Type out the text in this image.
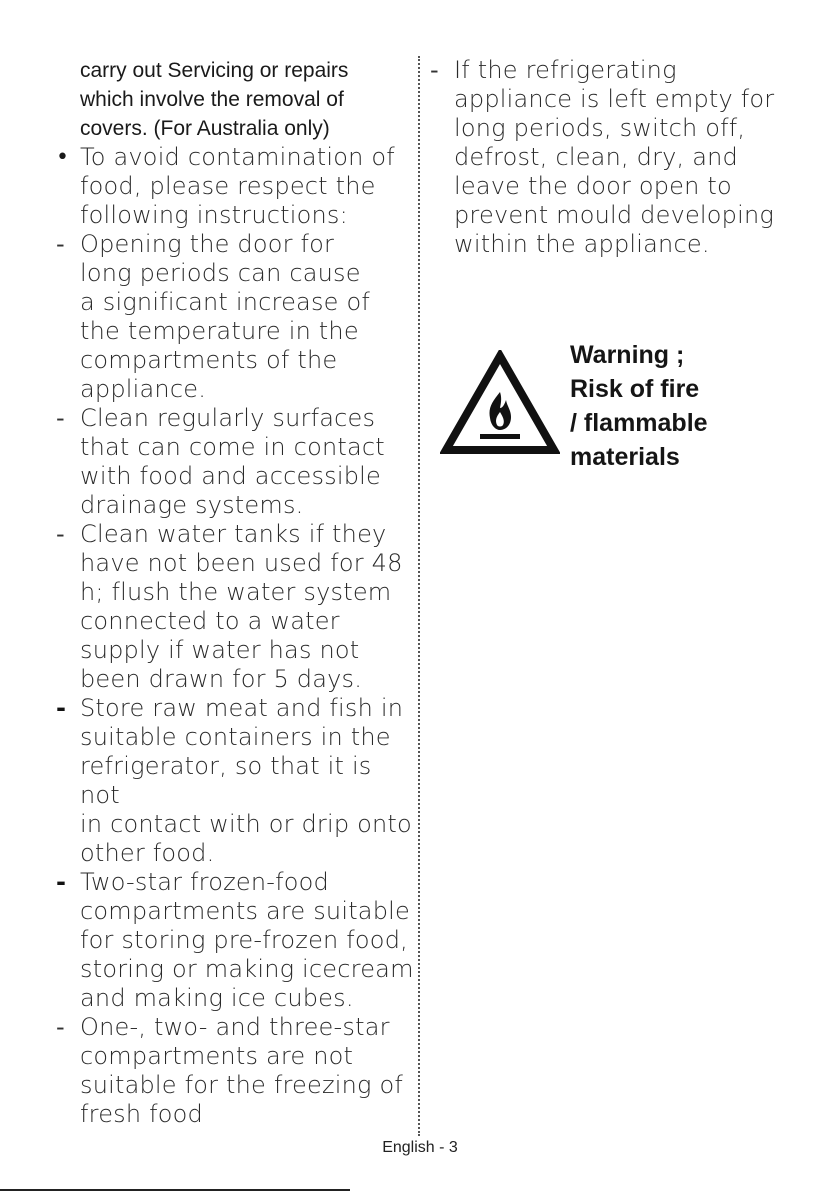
carry out Servicing or repairs
which involve the removal of
covers. (For Australia only)
• To avoid contamination of
food, please respect the
following instructions:
- Opening the door for
long periods can cause
a significant increase of
the temperature in the
compartments of the
appliance.
- Clean regularly surfaces
that can come in contact
with food and accessible
drainage systems.
- Clean water tanks if they
have not been used for 48
h; flush the water system
connected to a water
supply if water has not
been drawn for 5 days.
- Store raw meat and fish in
suitable containers in the
refrigerator, so that it is not
in contact with or drip onto
other food.
- Two-star frozen-food
compartments are suitable
for storing pre-frozen food,
storing or making icecream
and making ice cubes.
- One-, two- and three-star
compartments are not
suitable for the freezing of
fresh food
- If the refrigerating
appliance is left empty for
long periods, switch off,
defrost, clean, dry, and
leave the door open to
prevent mould developing
within the appliance.
Warning ;
Risk of fire
/ flammable
materials
English - 3
